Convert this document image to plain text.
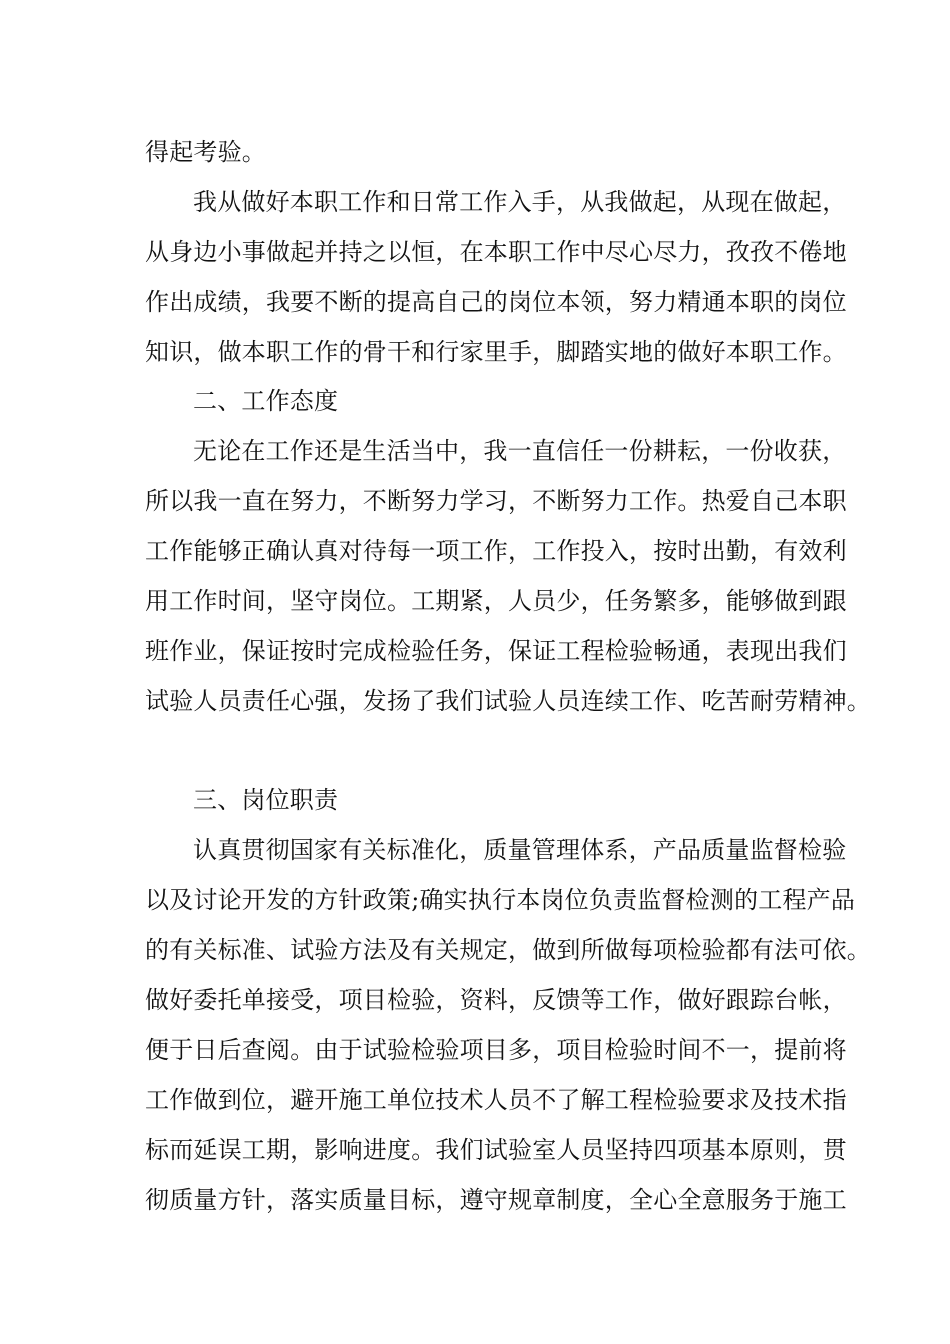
得起考验。
我从做好本职工作和日常工作入手，从我做起，从现在做起，
从身边小事做起并持之以恒，在本职工作中尽心尽力，孜孜不倦地
作出成绩，我要不断的提高自己的岗位本领，努力精通本职的岗位
知识，做本职工作的骨干和行家里手，脚踏实地的做好本职工作。
二、工作态度
无论在工作还是生活当中，我一直信任一份耕耘，一份收获，
所以我一直在努力，不断努力学习，不断努力工作。热爱自己本职
工作能够正确认真对待每一项工作，工作投入，按时出勤，有效利
用工作时间，坚守岗位。工期紧，人员少，任务繁多，能够做到跟
班作业，保证按时完成检验任务，保证工程检验畅通，表现出我们
试验人员责任心强，发扬了我们试验人员连续工作、吃苦耐劳精神。
三、岗位职责
认真贯彻国家有关标准化，质量管理体系，产品质量监督检验
以及讨论开发的方针政策;确实执行本岗位负责监督检测的工程产品
的有关标准、试验方法及有关规定，做到所做每项检验都有法可依。
做好委托单接受，项目检验，资料，反馈等工作，做好跟踪台帐，
便于日后查阅。由于试验检验项目多，项目检验时间不一，提前将
工作做到位，避开施工单位技术人员不了解工程检验要求及技术指
标而延误工期，影响进度。我们试验室人员坚持四项基本原则，贯
彻质量方针，落实质量目标，遵守规章制度，全心全意服务于施工
